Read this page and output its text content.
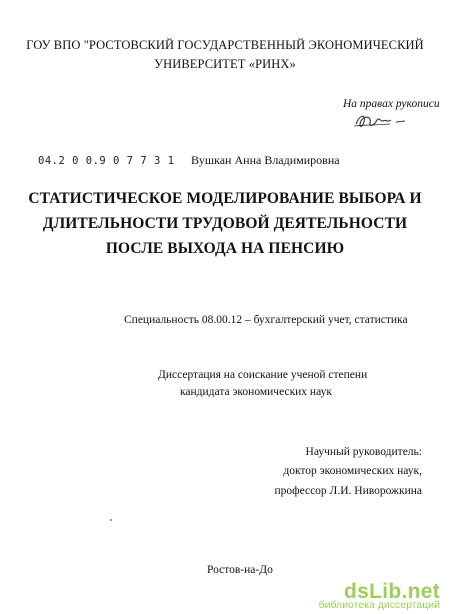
ГОУ ВПО "РОСТОВСКИЙ ГОСУДАРСТВЕННЫЙ ЭКОНОМИЧЕСКИЙ
УНИВЕРСИТЕТ «РИНХ»
На правах рукописи
04.2 0 0.9 0 7 7 3 1 Вушкан Анна Владимировна
СТАТИСТИЧЕСКОЕ МОДЕЛИРОВАНИЕ ВЫБОРА И
ДЛИТЕЛЬНОСТИ ТРУДОВОЙ ДЕЯТЕЛЬНОСТИ
ПОСЛЕ ВЫХОДА НА ПЕНСИЮ
Специальность 08.00.12 – бухгалтерский учет, статистика
Диссертация на соискание ученой степени
кандидата экономических наук
Научный руководитель:
доктор экономических наук,
профессор Л.И. Ниворожкина
Ростов-на-До
dsLib.net
библиотека диссертаций
